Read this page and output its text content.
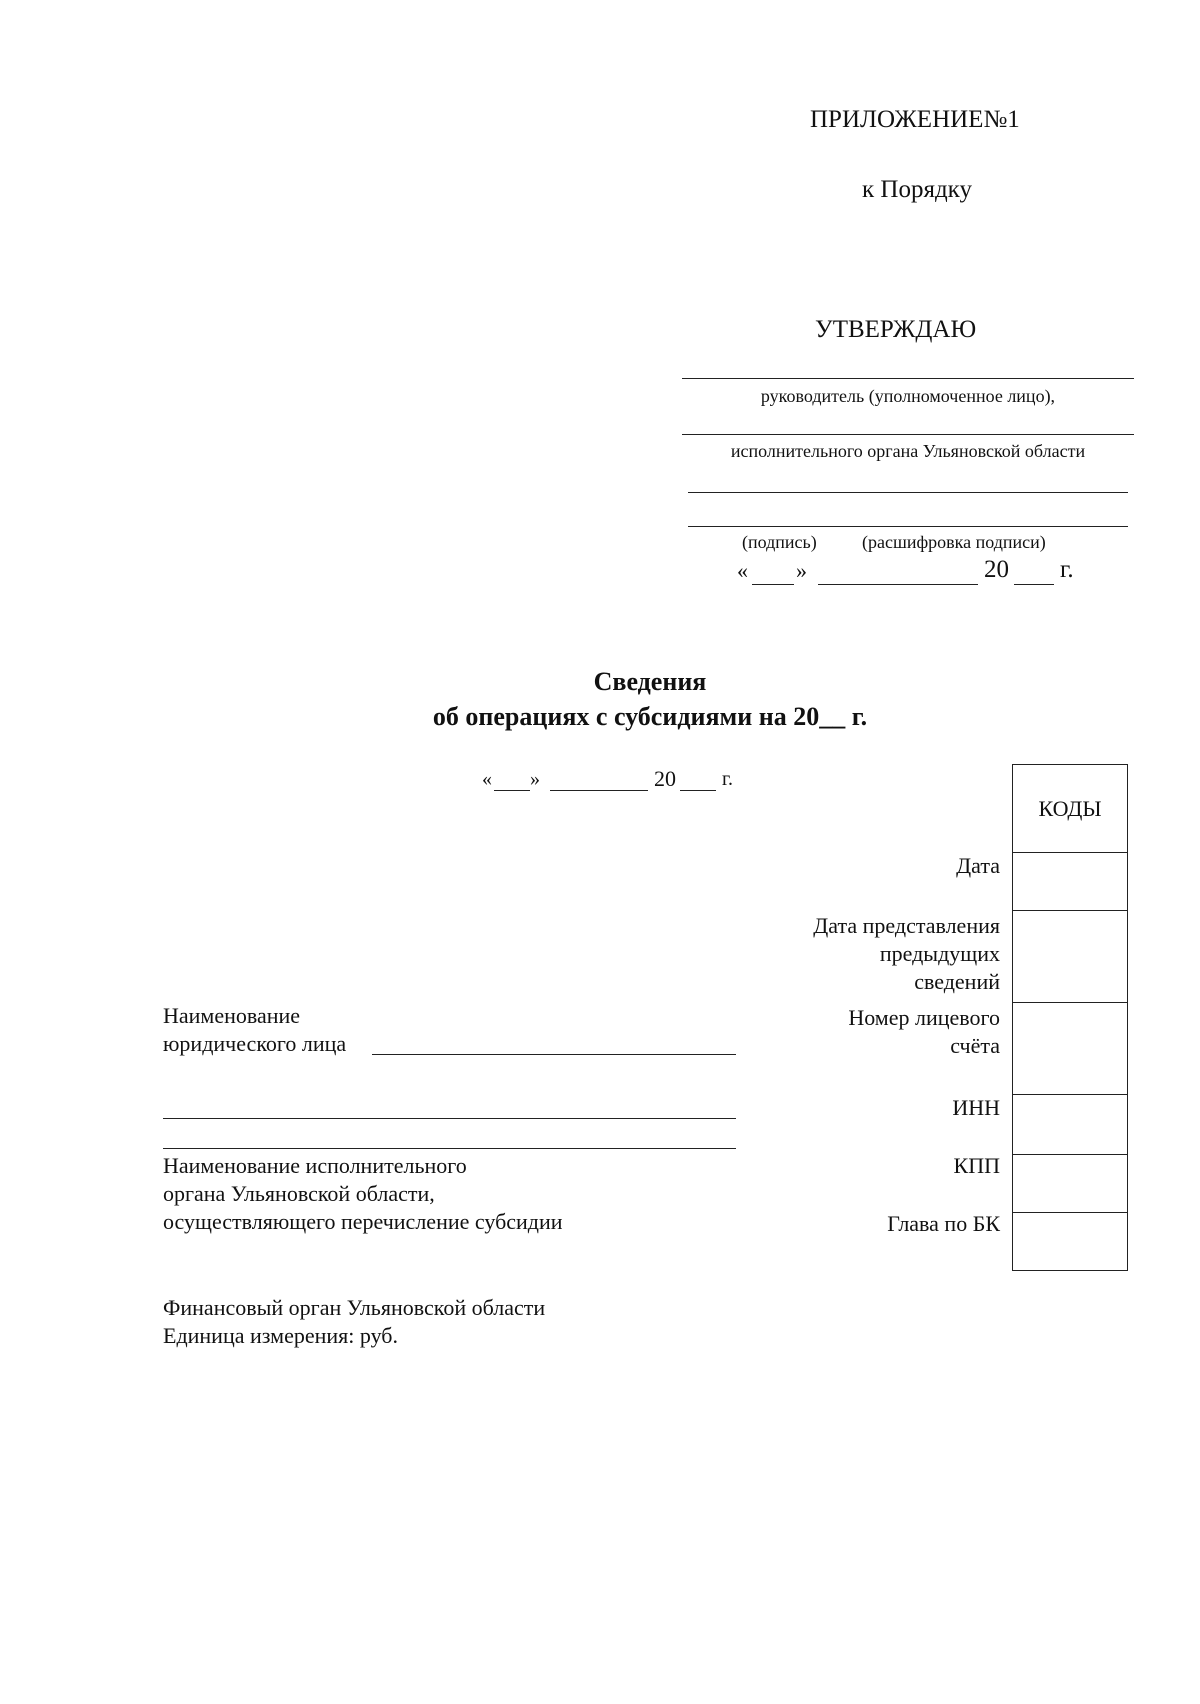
ПРИЛОЖЕНИЕ№1
к Порядку
УТВЕРЖДАЮ
руководитель (уполномоченное лицо),
исполнительного органа Ульяновской области
(подпись)	(расшифровка подписи)
« »	20 г.
Сведения
об операциях с субсидиями на 20__ г.
« »	20 г.
КОДЫ

Дата
Дата представления
предыдущих
сведений
Номер лицевого
счёта
ИНН
КПП
Глава по БК
Наименование
юридического лица
Наименование исполнительного
органа Ульяновской области,
осуществляющего перечисление субсидии
Финансовый орган Ульяновской области
Единица измерения: руб.
